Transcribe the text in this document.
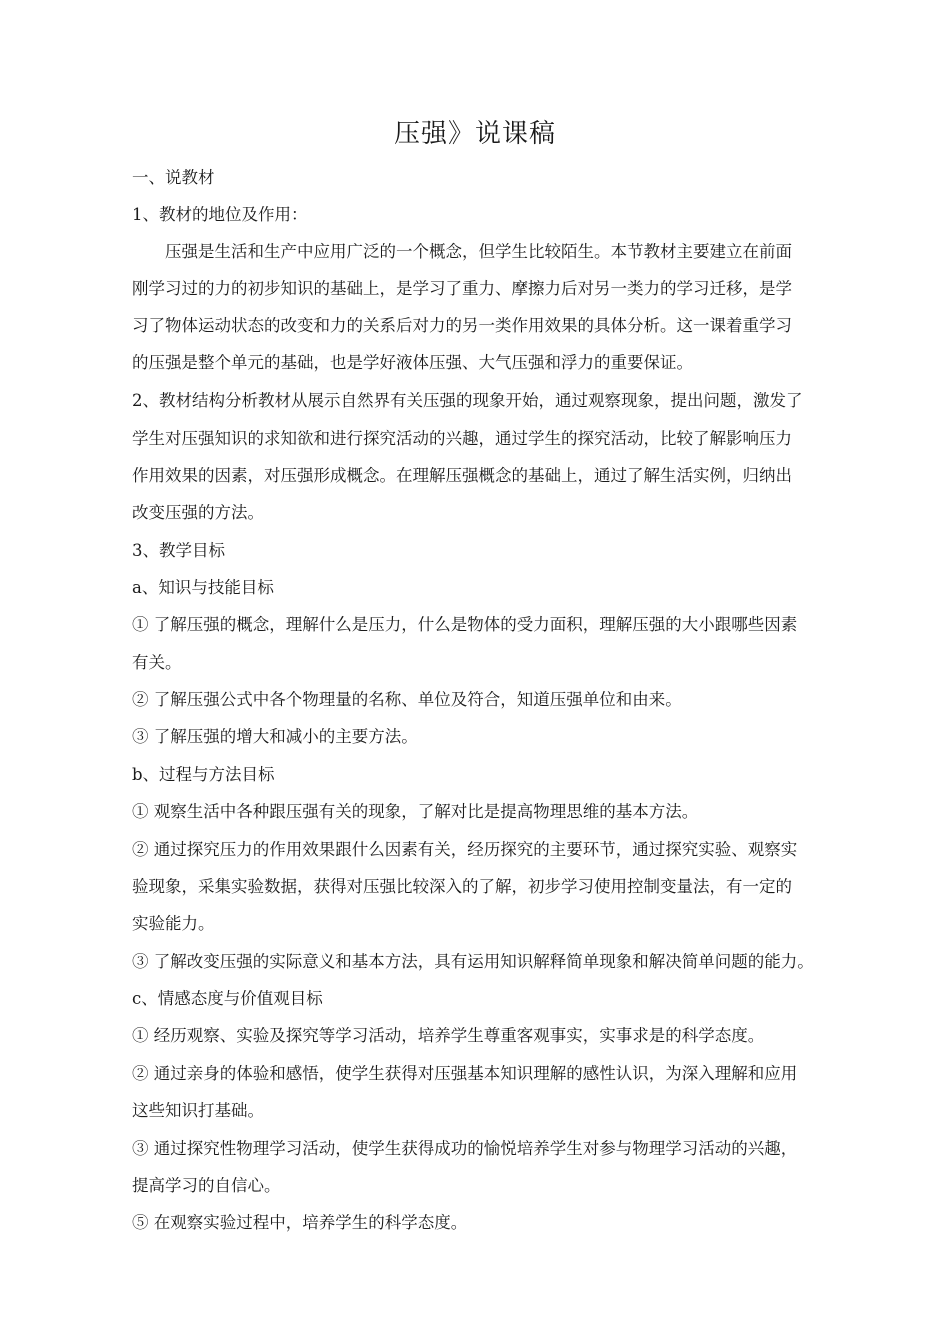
压强》说课稿
一、说教材
1、教材的地位及作用：
压强是生活和生产中应用广泛的一个概念，但学生比较陌生。本节教材主要建立在前面
刚学习过的力的初步知识的基础上，是学习了重力、摩擦力后对另一类力的学习迁移，是学
习了物体运动状态的改变和力的关系后对力的另一类作用效果的具体分析。这一课着重学习
的压强是整个单元的基础，也是学好液体压强、大气压强和浮力的重要保证。
2、教材结构分析教材从展示自然界有关压强的现象开始，通过观察现象，提出问题，激发了
学生对压强知识的求知欲和进行探究活动的兴趣，通过学生的探究活动，比较了解影响压力
作用效果的因素，对压强形成概念。在理解压强概念的基础上，通过了解生活实例，归纳出
改变压强的方法。
3、教学目标
a、知识与技能目标
① 了解压强的概念，理解什么是压力，什么是物体的受力面积，理解压强的大小跟哪些因素
有关。
② 了解压强公式中各个物理量的名称、单位及符合，知道压强单位和由来。
③ 了解压强的增大和减小的主要方法。
b、过程与方法目标
① 观察生活中各种跟压强有关的现象，了解对比是提高物理思维的基本方法。
② 通过探究压力的作用效果跟什么因素有关，经历探究的主要环节，通过探究实验、观察实
验现象，采集实验数据，获得对压强比较深入的了解，初步学习使用控制变量法，有一定的
实验能力。
③ 了解改变压强的实际意义和基本方法，具有运用知识解释简单现象和解决简单问题的能力。
c、情感态度与价值观目标
① 经历观察、实验及探究等学习活动，培养学生尊重客观事实，实事求是的科学态度。
② 通过亲身的体验和感悟，使学生获得对压强基本知识理解的感性认识，为深入理解和应用
这些知识打基础。
③ 通过探究性物理学习活动，使学生获得成功的愉悦培养学生对参与物理学习活动的兴趣，
提高学习的自信心。
⑤ 在观察实验过程中，培养学生的科学态度。
